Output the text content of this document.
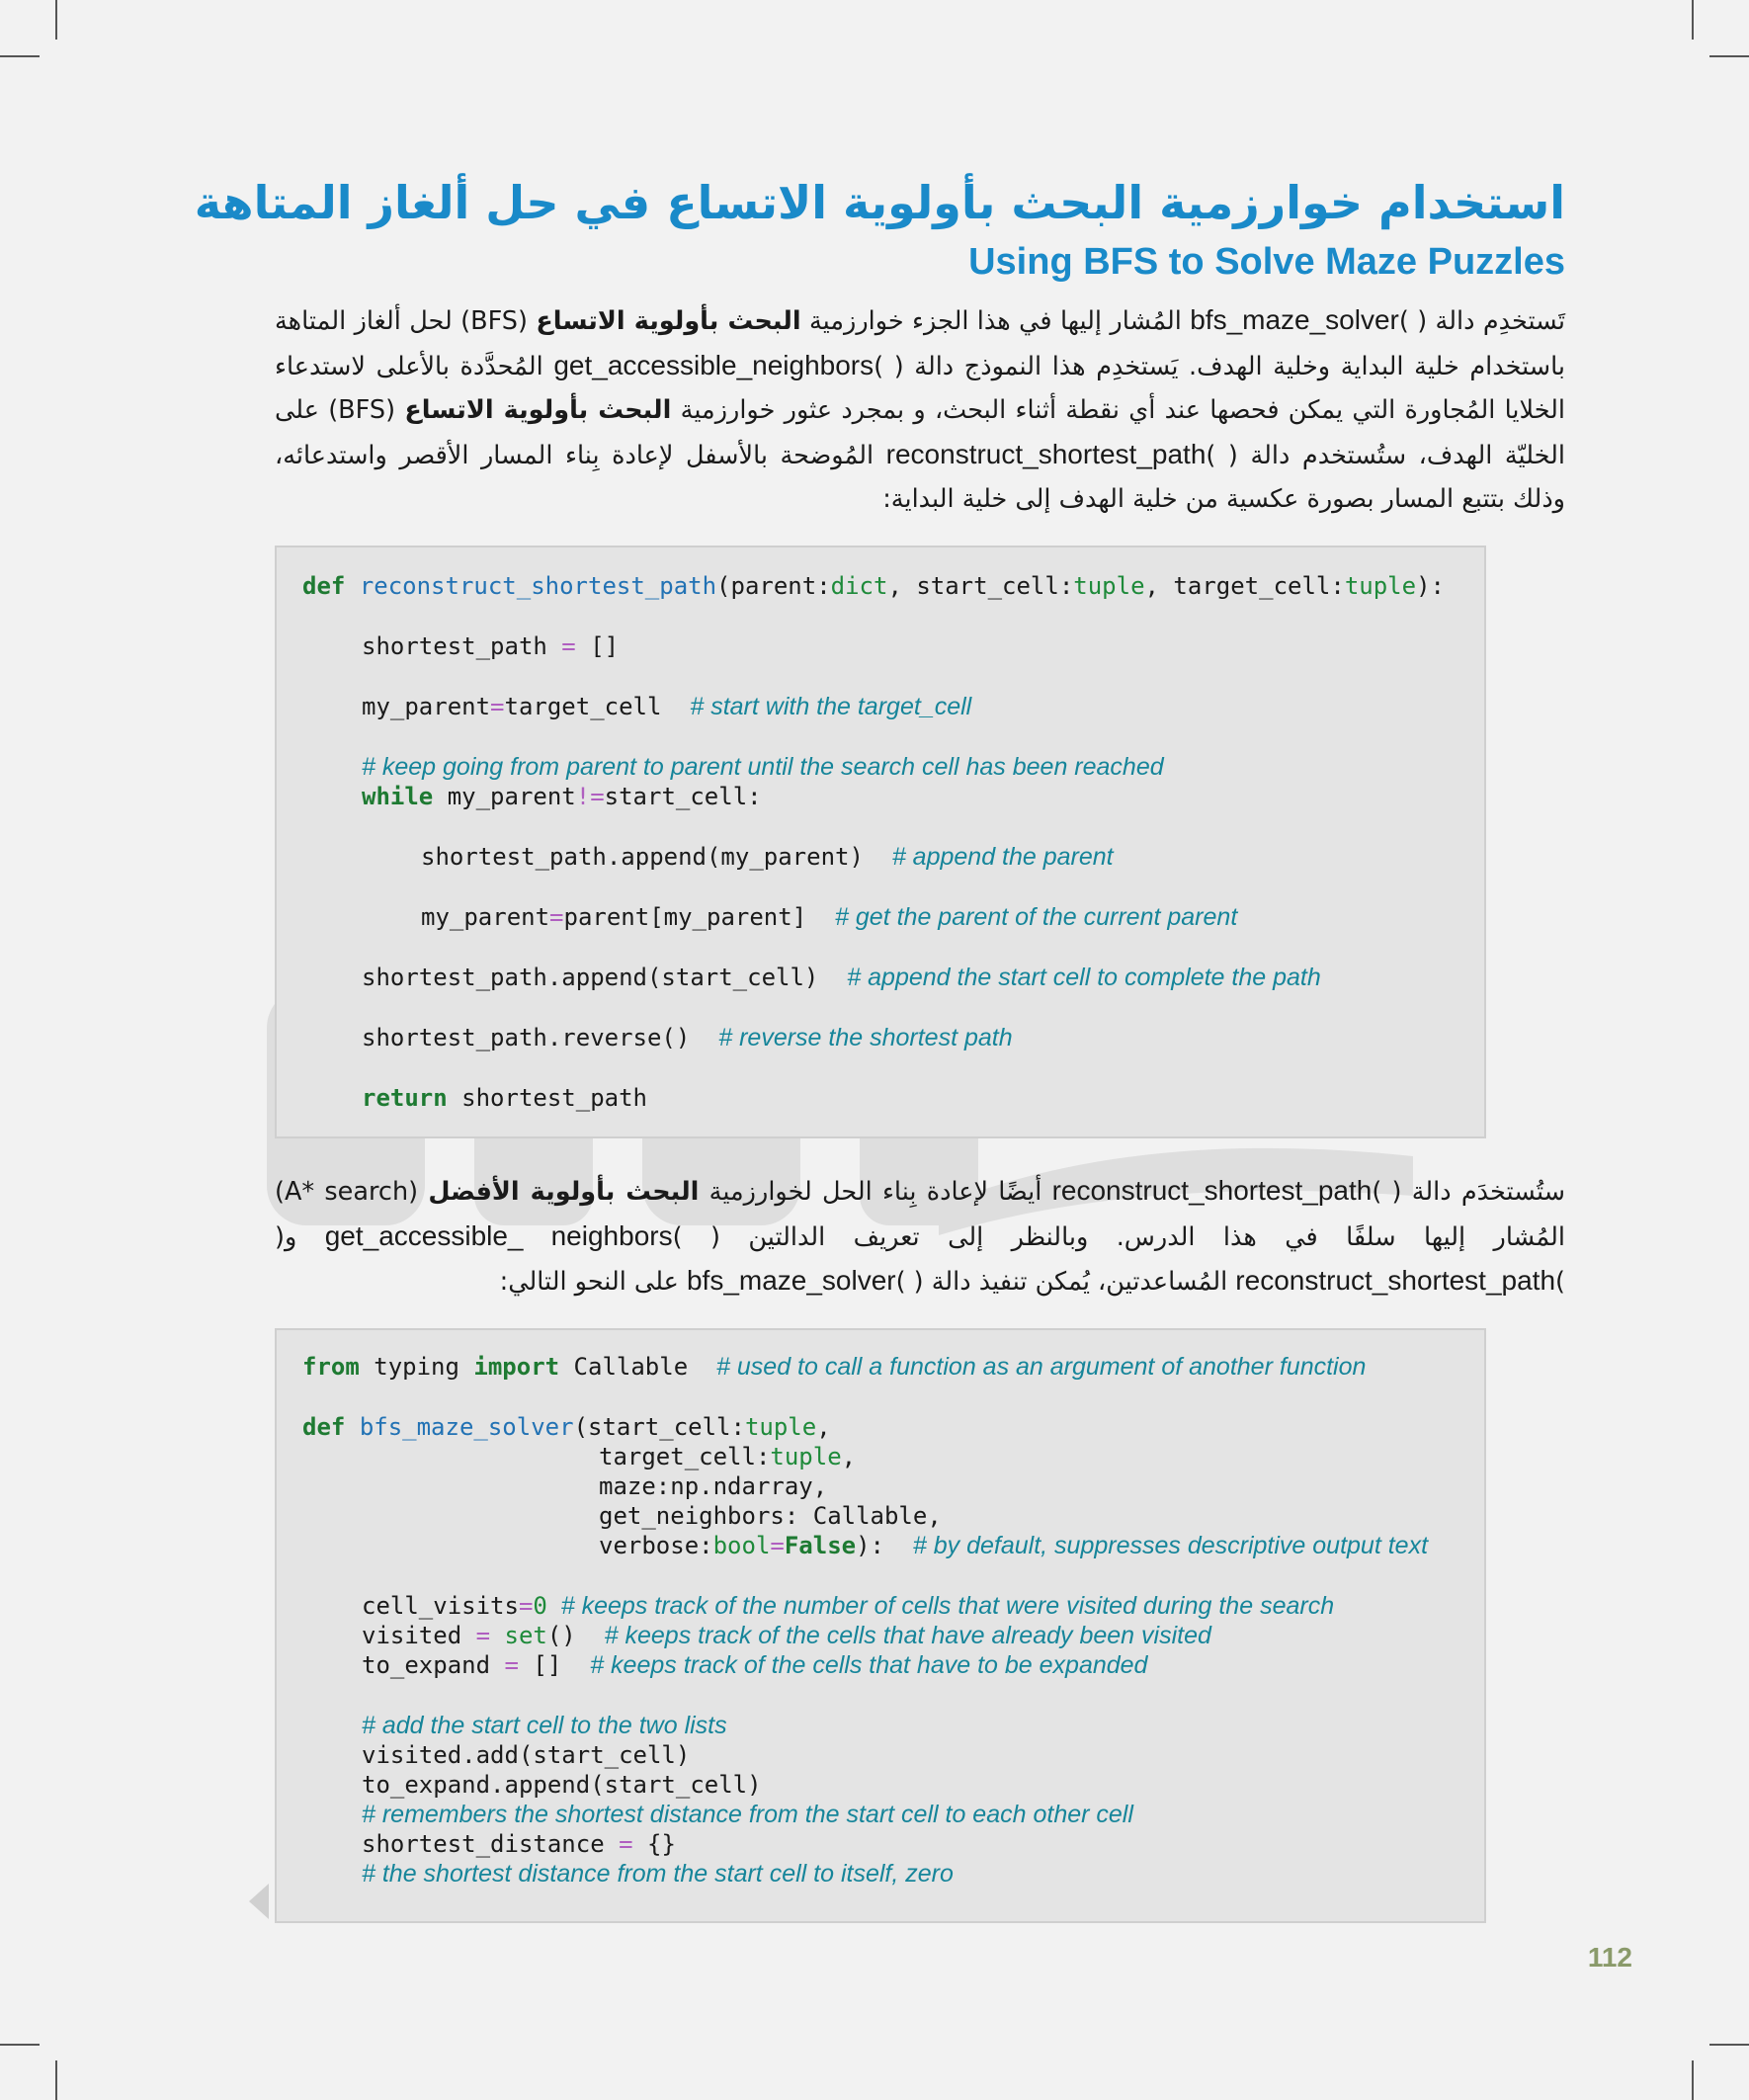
استخدام خوارزمية البحث بأولوية الاتساع في حل ألغاز المتاهة
Using BFS to Solve Maze Puzzles

تَستخدِم دالة ( )bfs_maze_solver المُشار إليها في هذا الجزء خوارزمية البحث بأولوية الاتساع (BFS) لحل ألغاز المتاهة باستخدام خلية البداية وخلية الهدف. يَستخدِم هذا النموذج دالة ( )get_accessible_neighbors المُحدَّدة بالأعلى لاستدعاء الخلايا المُجاورة التي يمكن فحصها عند أي نقطة أثناء البحث، و بمجرد عثور خوارزمية البحث بأولوية الاتساع (BFS) على الخليّة الهدف، ستُستخدم دالة ( )reconstruct_shortest_path المُوضحة بالأسفل لإعادة بِناء المسار الأقصر واستدعائه، وذلك بتتبع المسار بصورة عكسية من خلية الهدف إلى خلية البداية:

def reconstruct_shortest_path(parent:dict, start_cell:tuple, target_cell:tuple):
shortest_path = []
my_parent=target_cell  # start with the target_cell
# keep going from parent to parent until the search cell has been reached
while my_parent!=start_cell:
shortest_path.append(my_parent)  # append the parent
my_parent=parent[my_parent]  # get the parent of the current parent
shortest_path.append(start_cell)  # append the start cell to complete the path
shortest_path.reverse()  # reverse the shortest path
return shortest_path

ستُستخدَم دالة ( )reconstruct_shortest_path أيضًا لإعادة بِناء الحل لخوارزمية البحث بأولوية الأفضل (A* search) المُشار إليها سلفًا في هذا الدرس. وبالنظر إلى تعريف الدالتين ( )get_accessible_ neighbors و( )reconstruct_shortest_path المُساعدتين، يُمكن تنفيذ دالة ( )bfs_maze_solver على النحو التالي:

from typing import Callable  # used to call a function as an argument of another function
def bfs_maze_solver(start_cell:tuple,
target_cell:tuple,
maze:np.ndarray,
get_neighbors: Callable,
verbose:bool=False):  # by default, suppresses descriptive output text
cell_visits=0  # keeps track of the number of cells that were visited during the search
visited = set()  # keeps track of the cells that have already been visited
to_expand = []  # keeps track of the cells that have to be expanded
# add the start cell to the two lists
visited.add(start_cell)
to_expand.append(start_cell)
# remembers the shortest distance from the start cell to each other cell
shortest_distance = {}
# the shortest distance from the start cell to itself, zero
112
